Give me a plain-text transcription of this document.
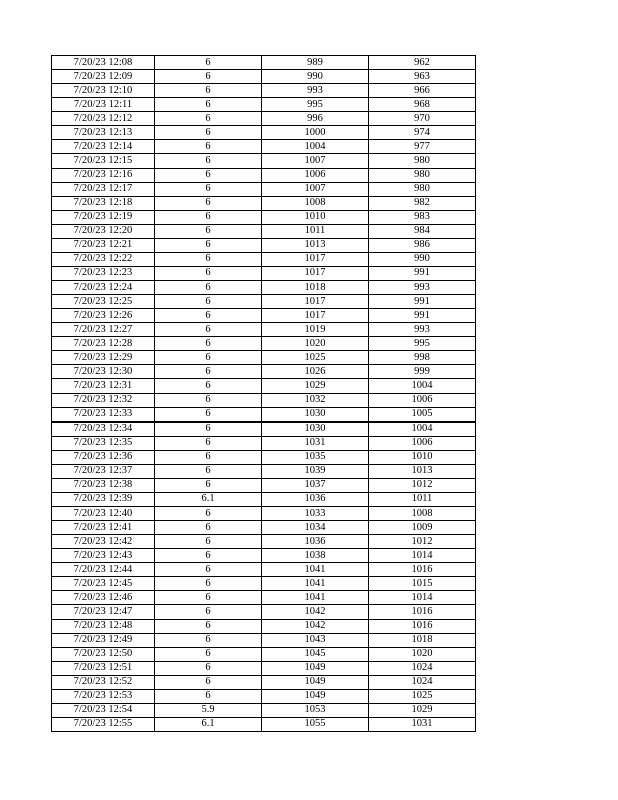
7/20/23 12:08	6	989	962
7/20/23 12:09	6	990	963
7/20/23 12:10	6	993	966
7/20/23 12:11	6	995	968
7/20/23 12:12	6	996	970
7/20/23 12:13	6	1000	974
7/20/23 12:14	6	1004	977
7/20/23 12:15	6	1007	980
7/20/23 12:16	6	1006	980
7/20/23 12:17	6	1007	980
7/20/23 12:18	6	1008	982
7/20/23 12:19	6	1010	983
7/20/23 12:20	6	1011	984
7/20/23 12:21	6	1013	986
7/20/23 12:22	6	1017	990
7/20/23 12:23	6	1017	991
7/20/23 12:24	6	1018	993
7/20/23 12:25	6	1017	991
7/20/23 12:26	6	1017	991
7/20/23 12:27	6	1019	993
7/20/23 12:28	6	1020	995
7/20/23 12:29	6	1025	998
7/20/23 12:30	6	1026	999
7/20/23 12:31	6	1029	1004
7/20/23 12:32	6	1032	1006
7/20/23 12:33	6	1030	1005
7/20/23 12:34	6	1030	1004
7/20/23 12:35	6	1031	1006
7/20/23 12:36	6	1035	1010
7/20/23 12:37	6	1039	1013
7/20/23 12:38	6	1037	1012
7/20/23 12:39	6.1	1036	1011
7/20/23 12:40	6	1033	1008
7/20/23 12:41	6	1034	1009
7/20/23 12:42	6	1036	1012
7/20/23 12:43	6	1038	1014
7/20/23 12:44	6	1041	1016
7/20/23 12:45	6	1041	1015
7/20/23 12:46	6	1041	1014
7/20/23 12:47	6	1042	1016
7/20/23 12:48	6	1042	1016
7/20/23 12:49	6	1043	1018
7/20/23 12:50	6	1045	1020
7/20/23 12:51	6	1049	1024
7/20/23 12:52	6	1049	1024
7/20/23 12:53	6	1049	1025
7/20/23 12:54	5.9	1053	1029
7/20/23 12:55	6.1	1055	1031
